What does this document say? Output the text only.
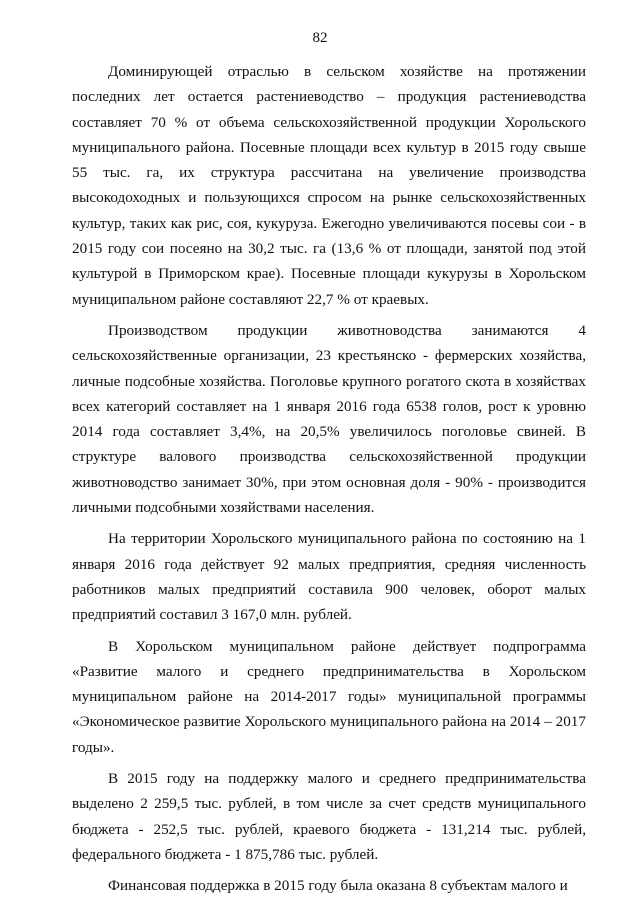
82

Доминирующей отраслью в сельском хозяйстве на протяжении последних лет остается растениеводство – продукция растениеводства составляет 70 % от объема сельскохозяйственной продукции Хорольского муниципального района. Посевные площади всех культур в 2015 году свыше 55 тыс. га, их структура рассчитана на увеличение производства высокодоходных и пользующихся спросом на рынке сельскохозяйственных культур, таких как рис, соя, кукуруза. Ежегодно увеличиваются посевы сои - в 2015 году сои посеяно на 30,2 тыс. га (13,6 % от площади, занятой под этой культурой в Приморском крае). Посевные площади кукурузы в Хорольском муниципальном районе составляют 22,7 % от краевых.

Производством продукции животноводства занимаются 4 сельскохозяйственные организации, 23 крестьянско - фермерских хозяйства, личные подсобные хозяйства. Поголовье крупного рогатого скота в хозяйствах всех категорий составляет на 1 января 2016 года 6538 голов, рост к уровню 2014 года составляет 3,4%, на 20,5% увеличилось поголовье свиней. В структуре валового производства сельскохозяйственной продукции животноводство занимает 30%, при этом основная доля - 90% - производится личными подсобными хозяйствами населения.

На территории Хорольского муниципального района по состоянию на 1 января 2016 года действует 92 малых предприятия, средняя численность работников малых предприятий составила 900 человек, оборот малых предприятий составил 3 167,0 млн. рублей.

В Хорольском муниципальном районе действует подпрограмма «Развитие малого и среднего предпринимательства в Хорольском муниципальном районе на 2014-2017 годы» муниципальной программы «Экономическое развитие Хорольского муниципального района на 2014 – 2017 годы».

В 2015 году на поддержку малого и среднего предпринимательства выделено 2 259,5 тыс. рублей, в том числе за счет средств муниципального бюджета - 252,5 тыс. рублей, краевого бюджета - 131,214 тыс. рублей, федерального бюджета - 1 875,786 тыс. рублей.

Финансовая поддержка в 2015 году была оказана 8 субъектам малого и
